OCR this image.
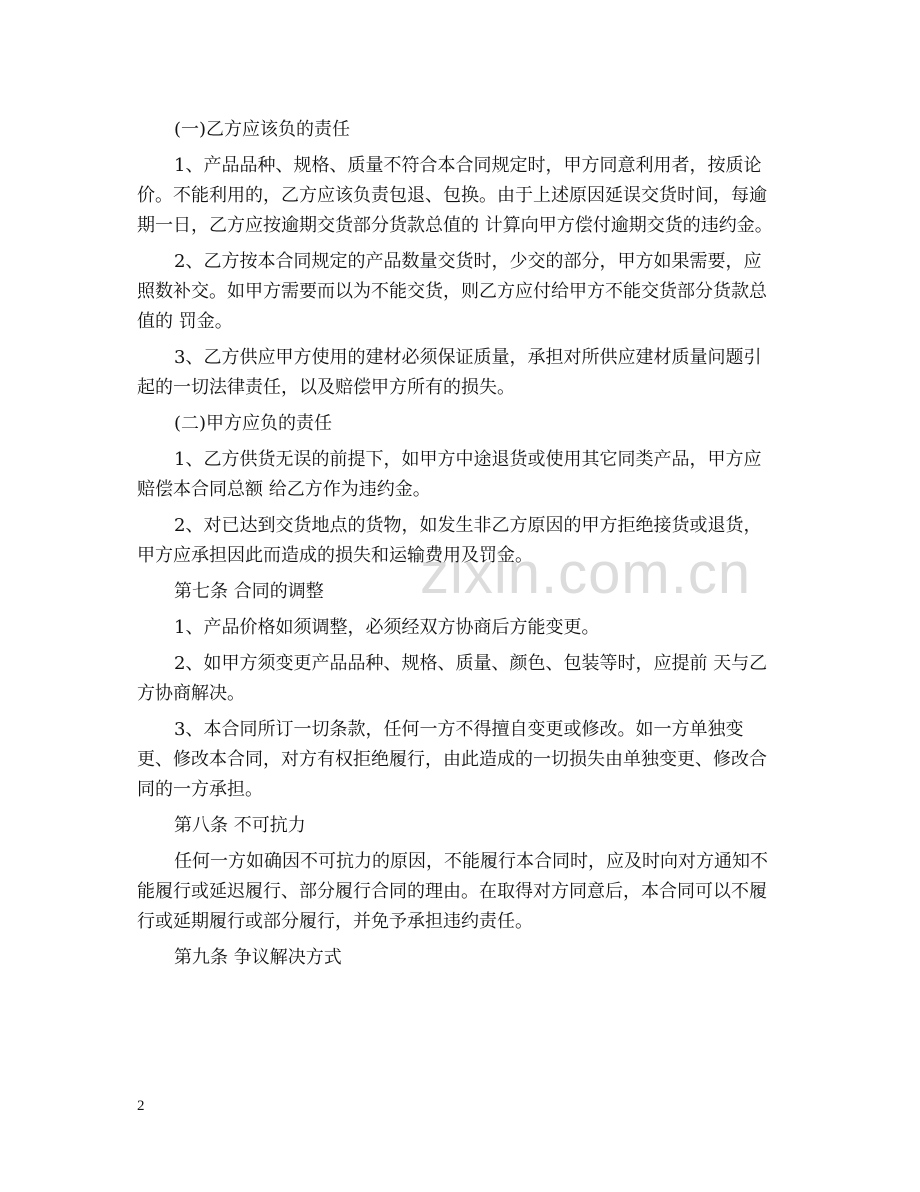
zixin.com.cn

(一)乙方应该负的责任

1、产品品种、规格、质量不符合本合同规定时，甲方同意利用者，按质论价。不能利用的，乙方应该负责包退、包换。由于上述原因延误交货时间，每逾期一日，乙方应按逾期交货部分货款总值的 计算向甲方偿付逾期交货的违约金。

2、乙方按本合同规定的产品数量交货时，少交的部分，甲方如果需要，应照数补交。如甲方需要而以为不能交货，则乙方应付给甲方不能交货部分货款总值的 罚金。

3、乙方供应甲方使用的建材必须保证质量，承担对所供应建材质量问题引起的一切法律责任，以及赔偿甲方所有的损失。

(二)甲方应负的责任

1、乙方供货无误的前提下，如甲方中途退货或使用其它同类产品，甲方应赔偿本合同总额 给乙方作为违约金。

2、对已达到交货地点的货物，如发生非乙方原因的甲方拒绝接货或退货，甲方应承担因此而造成的损失和运输费用及罚金。

第七条 合同的调整

1、产品价格如须调整，必须经双方协商后方能变更。

2、如甲方须变更产品品种、规格、质量、颜色、包装等时，应提前 天与乙方协商解决。

3、本合同所订一切条款，任何一方不得擅自变更或修改。如一方单独变更、修改本合同，对方有权拒绝履行，由此造成的一切损失由单独变更、修改合同的一方承担。

第八条 不可抗力

任何一方如确因不可抗力的原因，不能履行本合同时，应及时向对方通知不能履行或延迟履行、部分履行合同的理由。在取得对方同意后，本合同可以不履行或延期履行或部分履行，并免予承担违约责任。

第九条 争议解决方式

2
